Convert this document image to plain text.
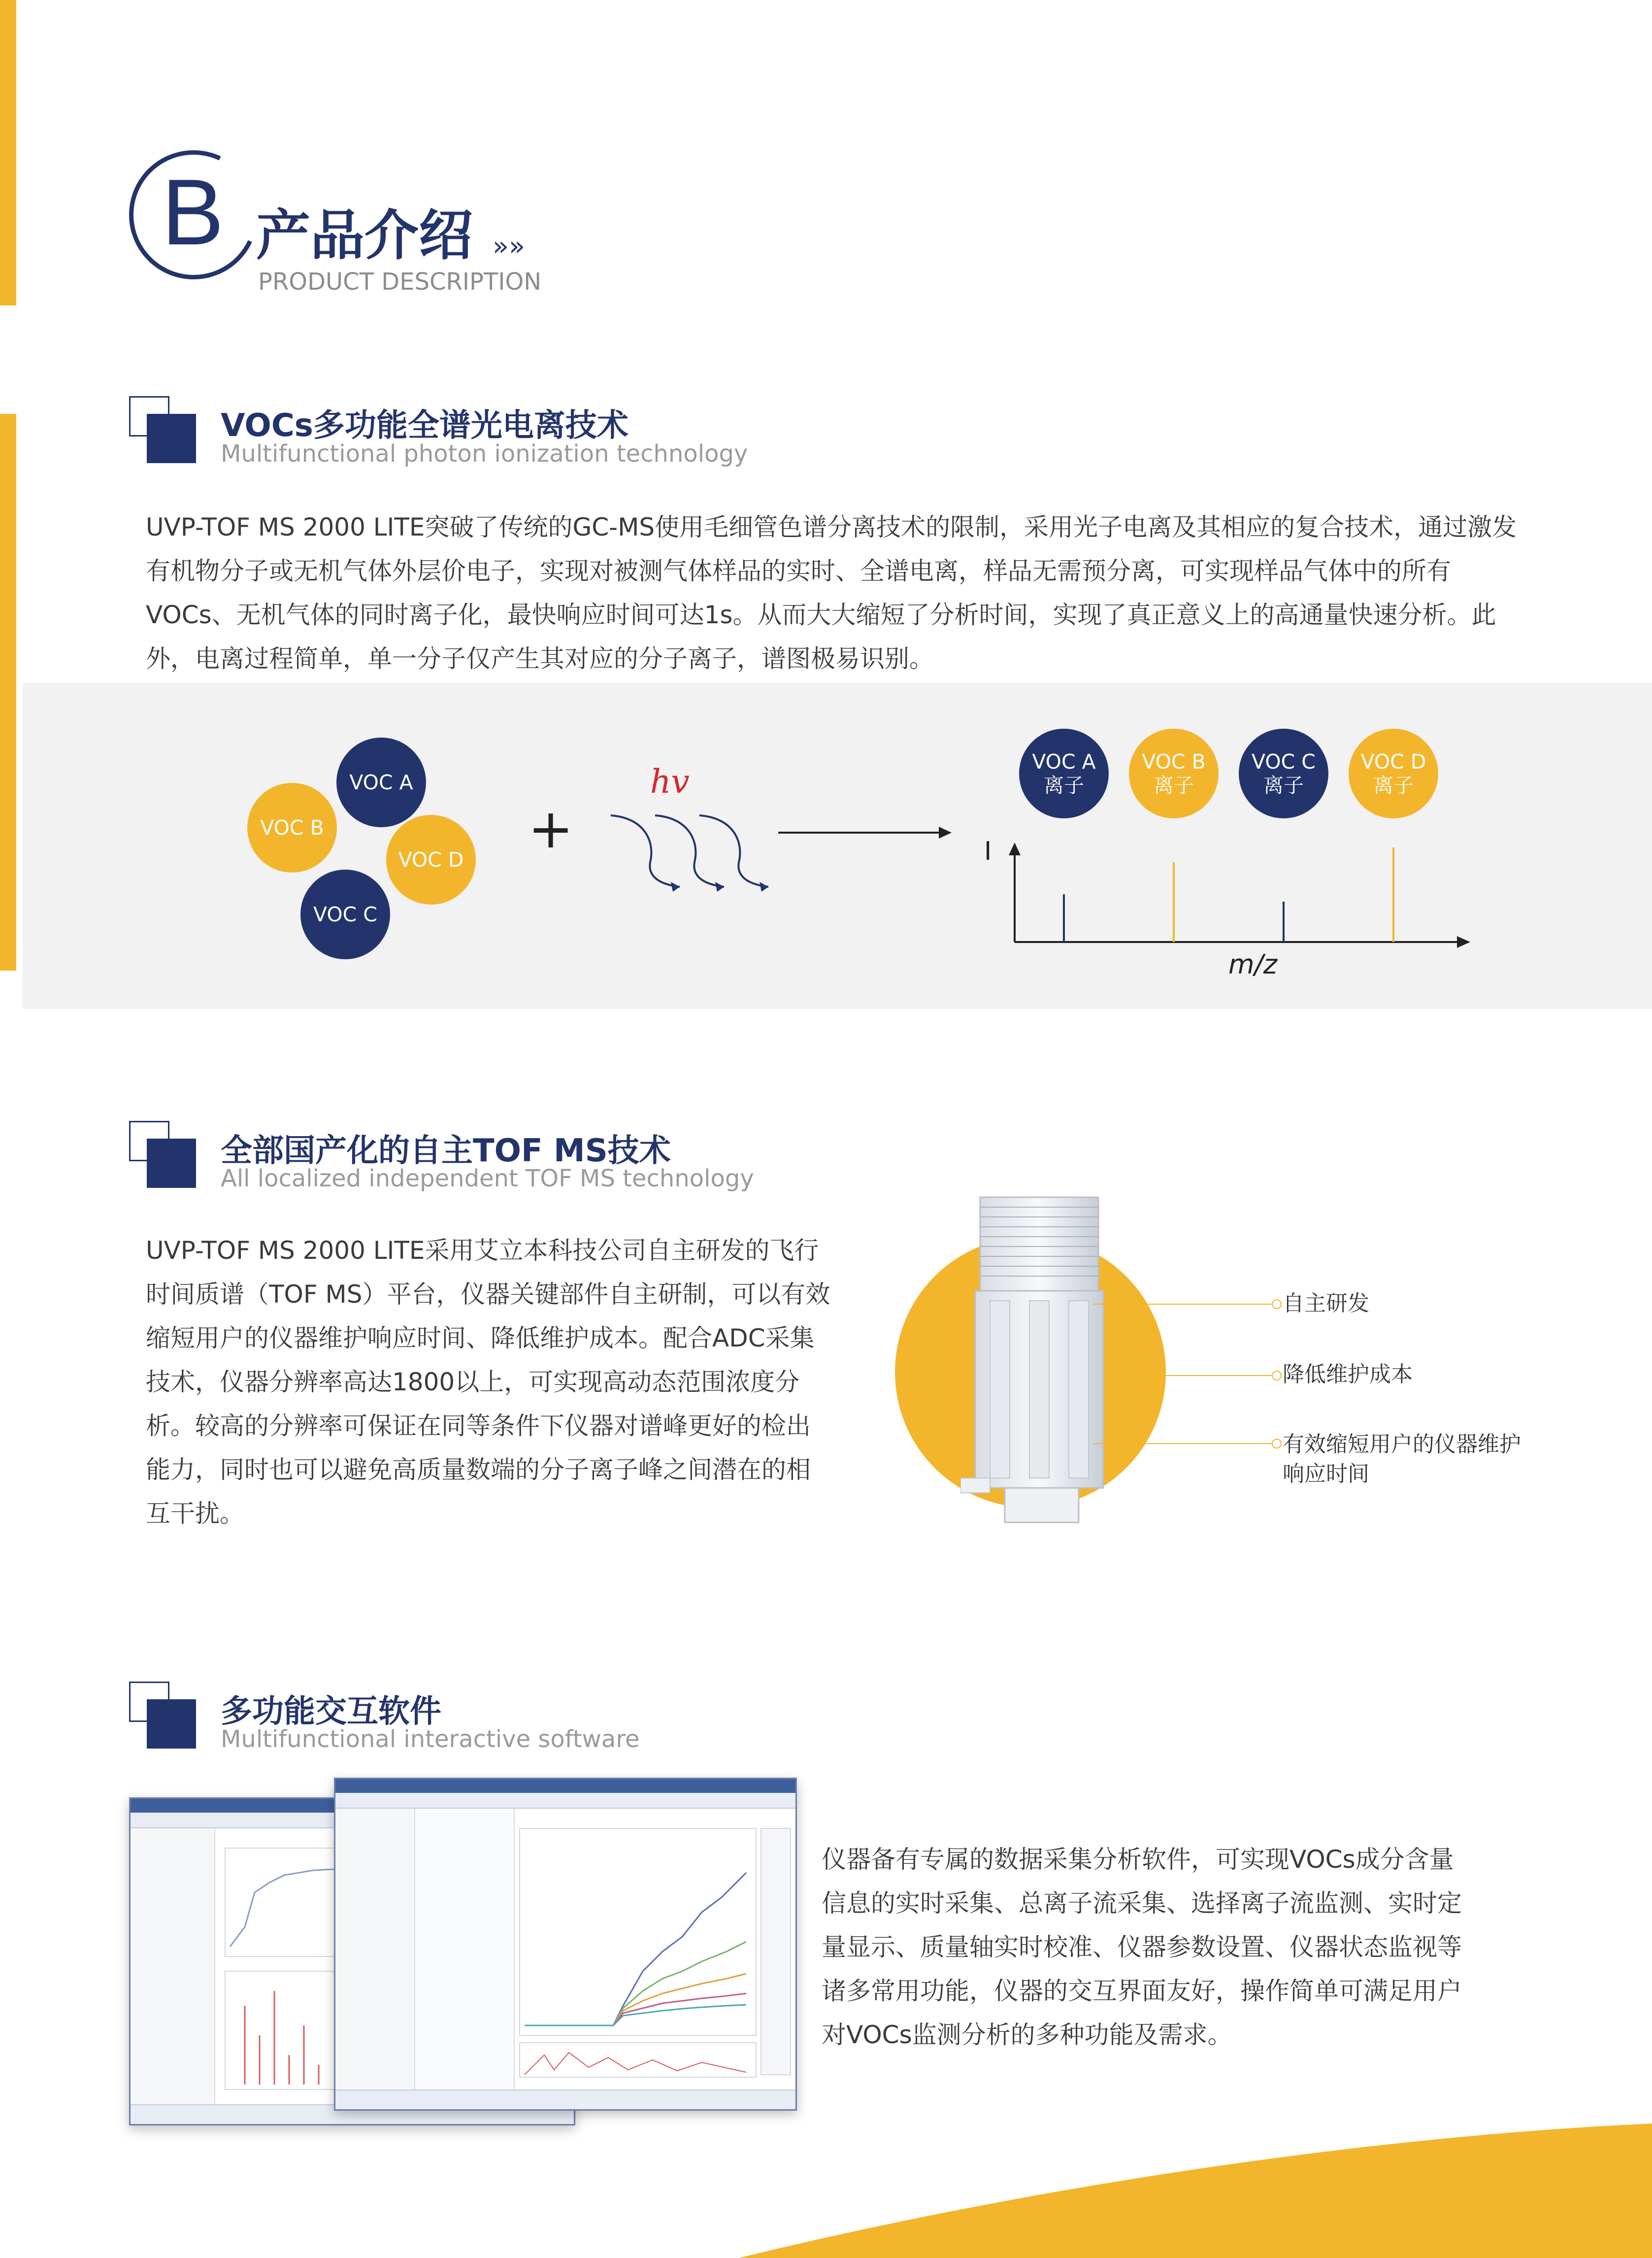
B 产品介绍 »»
PRODUCT DESCRIPTION
VOCs多功能全谱光电离技术
Multifunctional photon ionization technology
UVP-TOF MS 2000 LITE突破了传统的GC-MS使用毛细管色谱分离技术的限制，采用光子电离及其相应的复合技术，通过激发
有机物分子或无机气体外层价电子，实现对被测气体样品的实时、全谱电离，样品无需预分离，可实现样品气体中的所有
VOCs、无机气体的同时离子化，最快响应时间可达1s。从而大大缩短了分析时间，实现了真正意义上的高通量快速分析。此
外，电离过程简单，单一分子仅产生其对应的分子离子，谱图极易识别。
VOC A
VOC B
VOC D
VOC C
+
hv
VOC A
离子
VOC B
离子
VOC C
离子
VOC D
离子
I
m/z
全部国产化的自主TOF MS技术
All localized independent TOF MS technology
UVP-TOF MS 2000 LITE采用艾立本科技公司自主研发的飞行
时间质谱（TOF MS）平台，仪器关键部件自主研制，可以有效
缩短用户的仪器维护响应时间、降低维护成本。配合ADC采集
技术，仪器分辨率高达1800以上，可实现高动态范围浓度分
析。较高的分辨率可保证在同等条件下仪器对谱峰更好的检出
能力，同时也可以避免高质量数端的分子离子峰之间潜在的相
互干扰。
自主研发
降低维护成本
有效缩短用户的仪器维护
响应时间
多功能交互软件
Multifunctional interactive software
仪器备有专属的数据采集分析软件，可实现VOCs成分含量
信息的实时采集、总离子流采集、选择离子流监测、实时定
量显示、质量轴实时校准、仪器参数设置、仪器状态监视等
诸多常用功能，仪器的交互界面友好，操作简单可满足用户
对VOCs监测分析的多种功能及需求。
